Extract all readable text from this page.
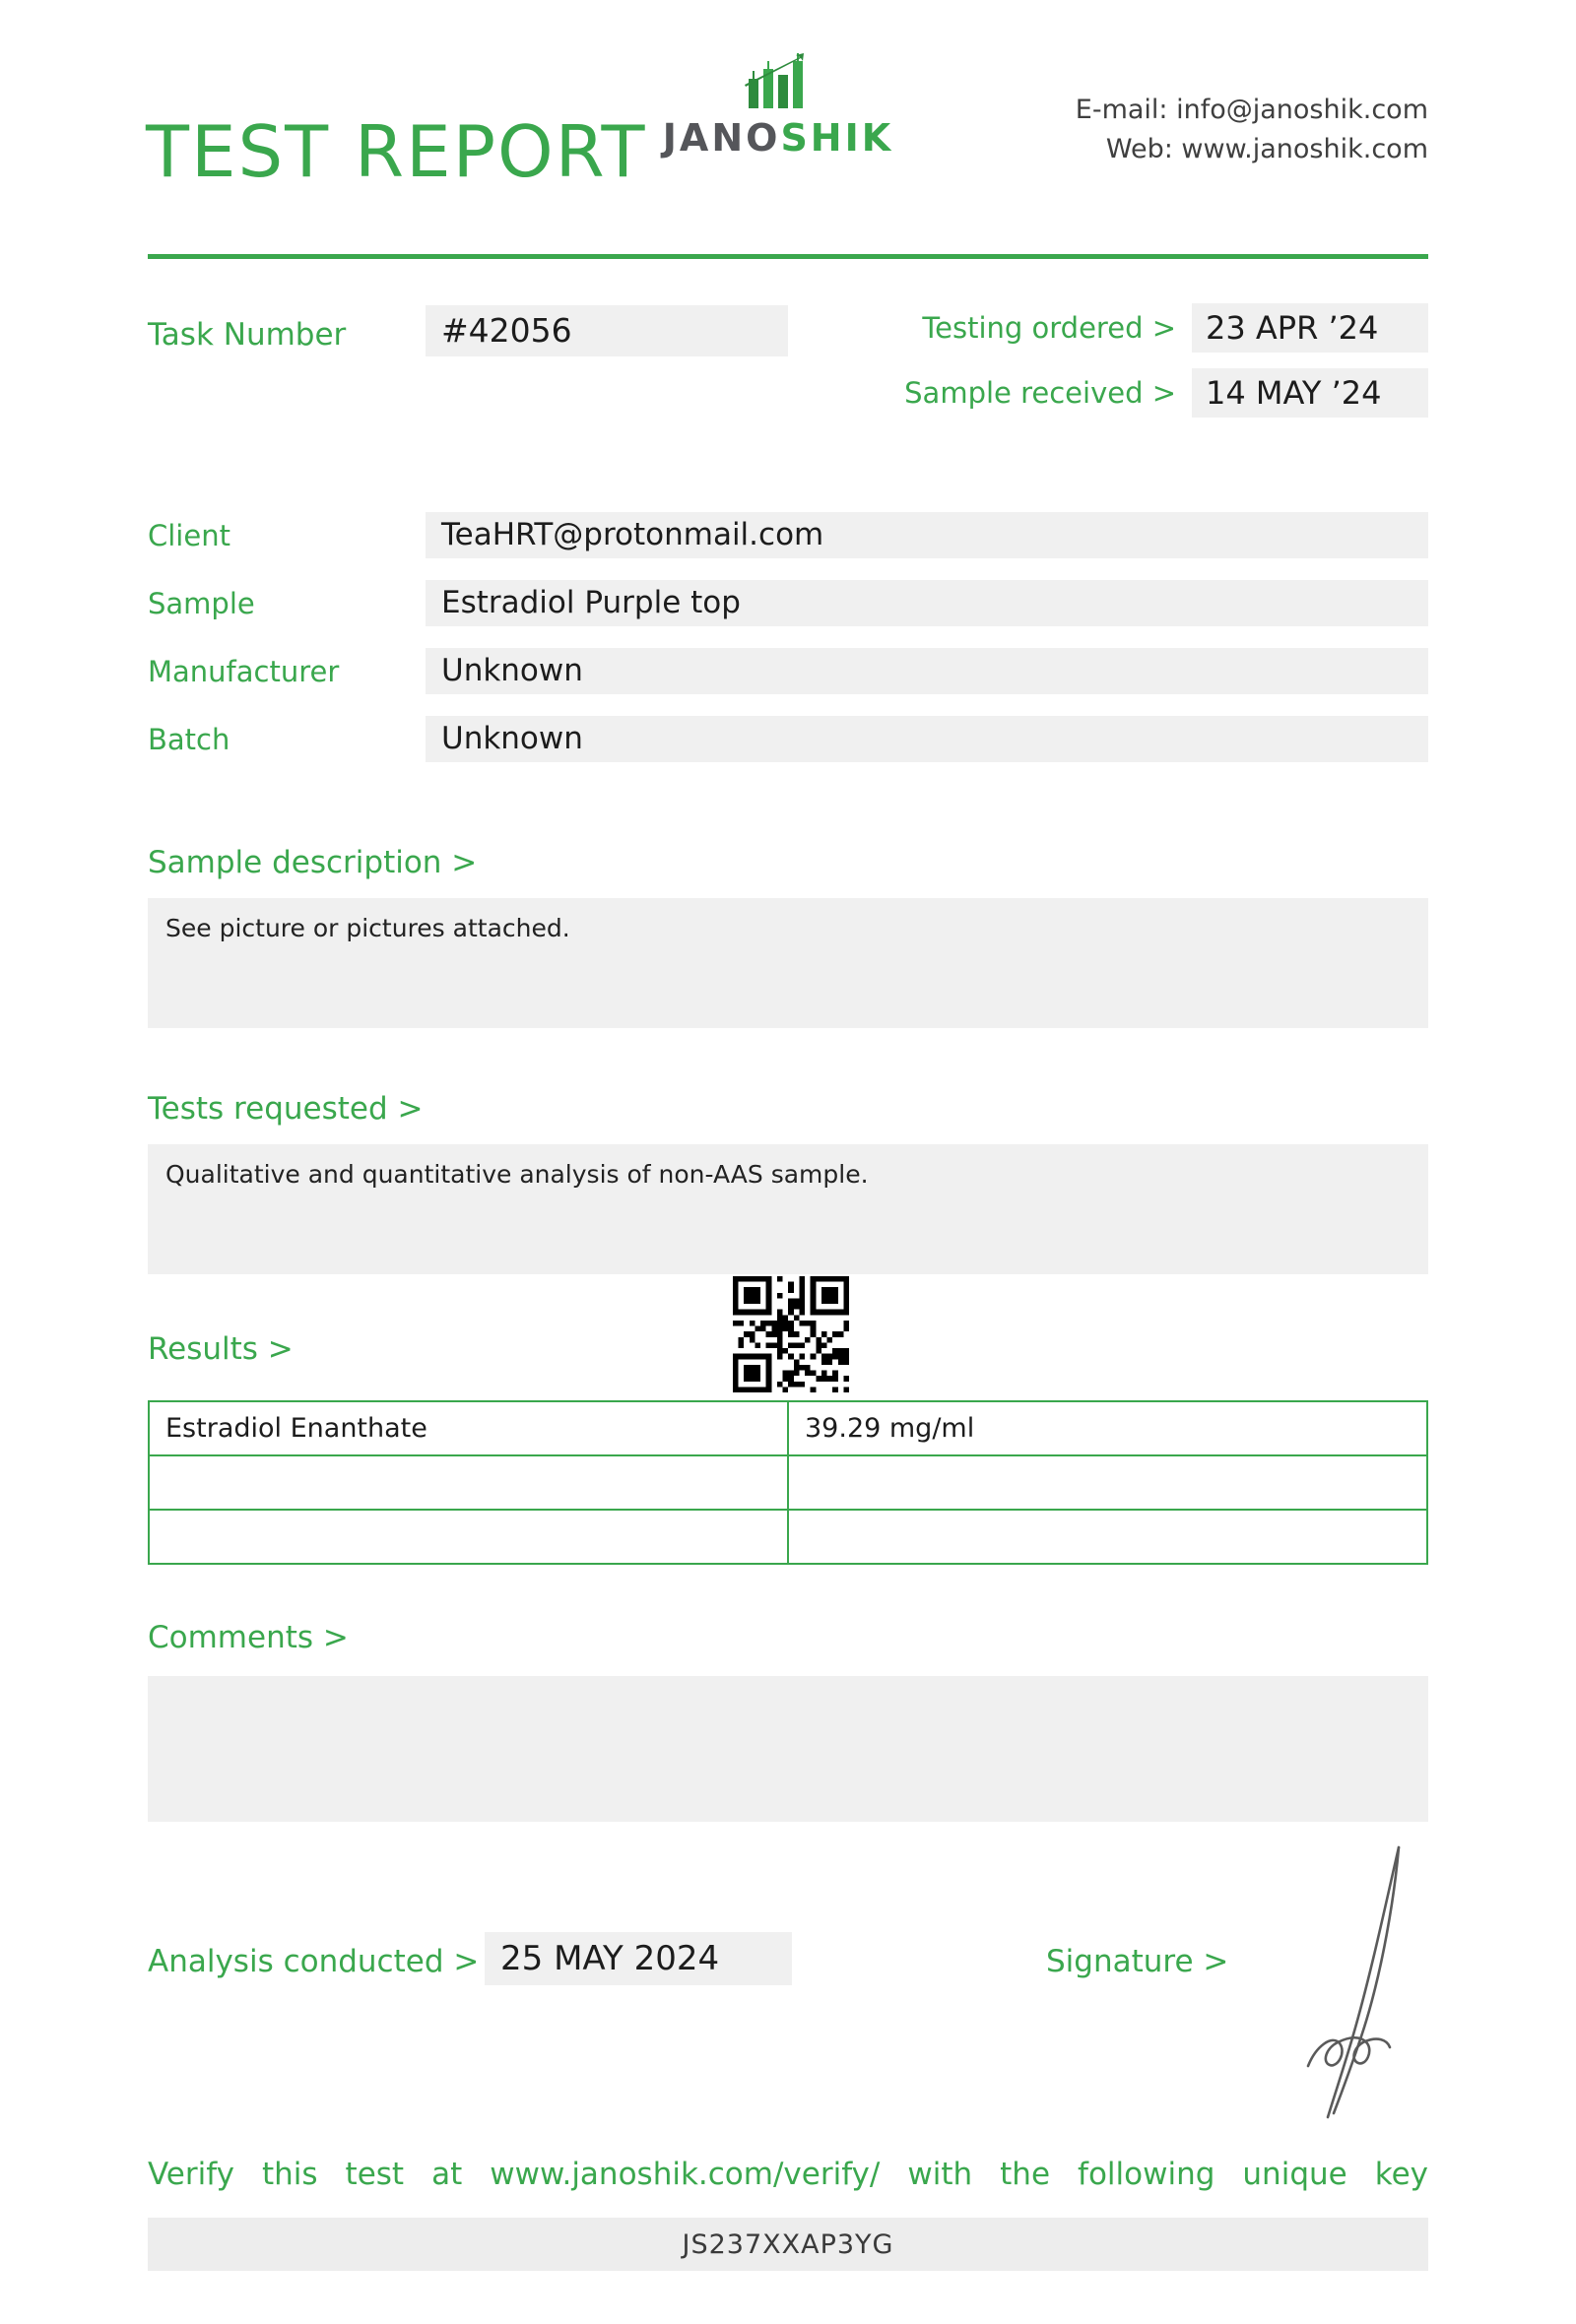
TEST REPORT JANOSHIK
E-mail: info@janoshik.com
Web: www.janoshik.com
Task Number	#42056	Testing ordered > 23 APR ’24
Sample received > 14 MAY ’24
Client	TeaHRT@protonmail.com
Sample	Estradiol Purple top
Manufacturer	Unknown
Batch	Unknown
Sample description >
See picture or pictures attached.
Tests requested >
Qualitative and quantitative analysis of non-AAS sample.
Results >
Estradiol Enanthate	39.29 mg/ml

Comments >
Analysis conducted > 25 MAY 2024	Signature >

Verify this test at www.janoshik.com/verify/ with the following unique key

JS237XXAP3YG
